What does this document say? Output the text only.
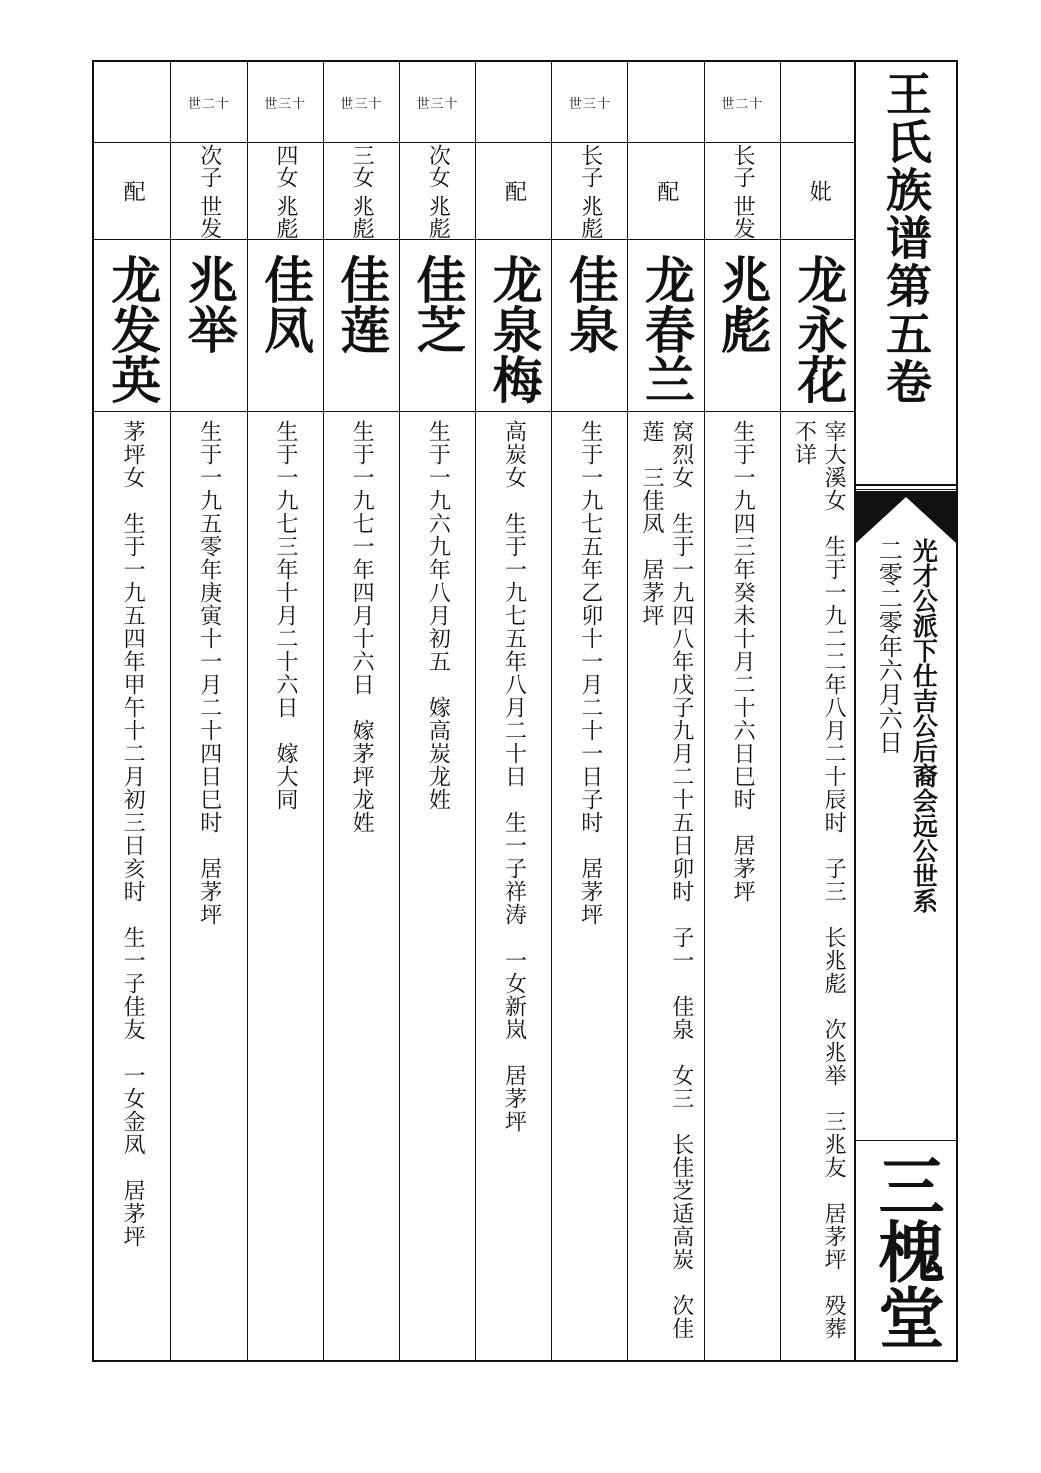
妣
龙永花
宰大溪女　生于一九二二年八月二十辰时　子三　长兆彪　次兆举　三兆友　居茅坪　殁葬不详
世二十
长子 世发
兆彪
生于一九四三年癸未十月二十六日巳时　居茅坪
配
龙春兰
窝烈女　生于一九四八年戊子九月二十五日卯时　子一　佳泉　女三　长佳芝适高炭　次佳莲　三佳凤　居茅坪
世三十
长子 兆彪
佳泉
生于一九七五年乙卯十一月二十一日子时　居茅坪
配
龙泉梅
高炭女　生于一九七五年八月二十日　生一子祥涛　一女新岚　居茅坪
世三十
次女 兆彪
佳芝
生于一九六九年八月初五　嫁高炭龙姓
世三十
三女 兆彪
佳莲
生于一九七一年四月十六日　嫁茅坪龙姓
世三十
四女 兆彪
佳凤
生于一九七三年十月二十六日　嫁大同
世二十
次子 世发
兆举
生于一九五零年庚寅十一月二十四日巳时　居茅坪
配
龙发英
茅坪女　生于一九五四年甲午十二月初三日亥时　生一子佳友　一女金凤　居茅坪
王氏族谱第五卷
光才公派下仕吉公后裔会远公世系
二零二零年六月六日
三槐堂
